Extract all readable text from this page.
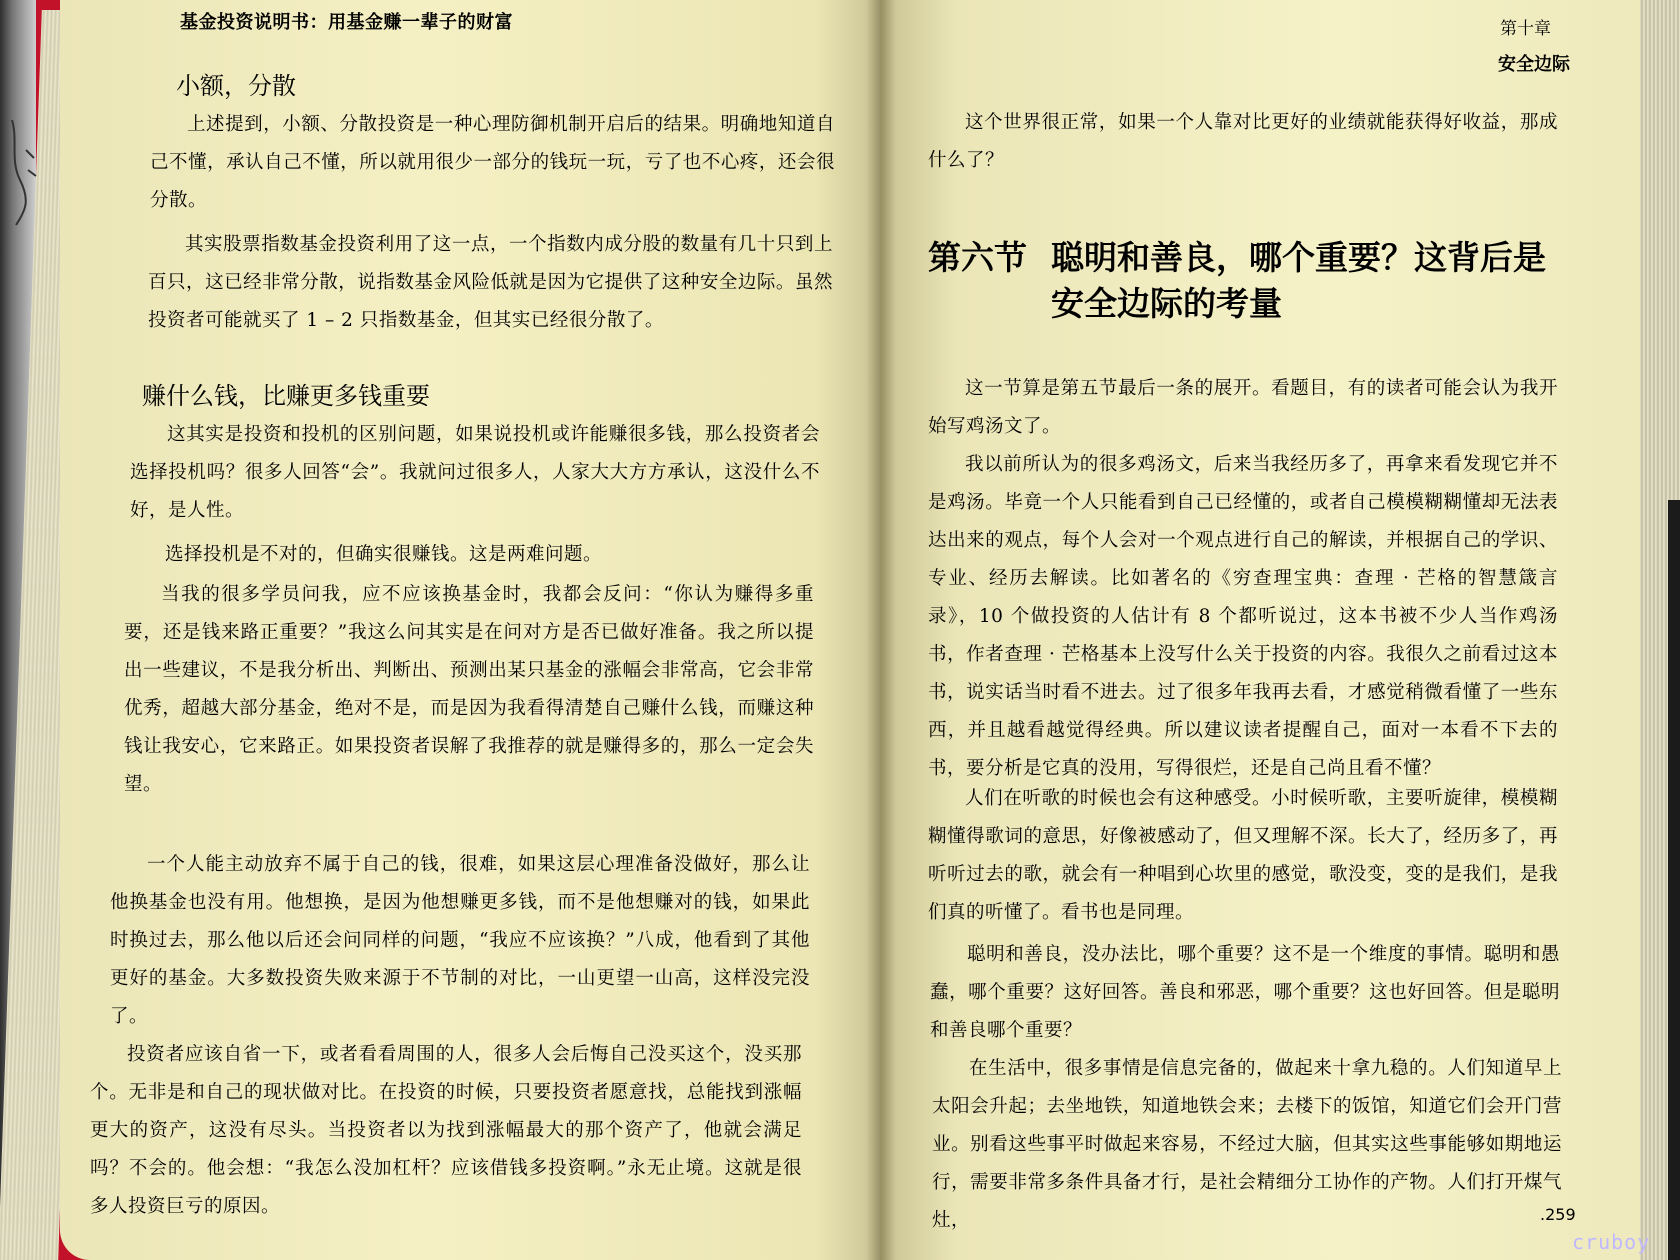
基金投资说明书：用基金赚一辈子的财富
小额，分散
上述提到，小额、分散投资是一种心理防御机制开启后的结果。明确地知道自己不懂，承认自己不懂，所以就用很少一部分的钱玩一玩，亏了也不心疼，还会很分散。
其实股票指数基金投资利用了这一点，一个指数内成分股的数量有几十只到上百只，这已经非常分散，说指数基金风险低就是因为它提供了这种安全边际。虽然投资者可能就买了 1 – 2 只指数基金，但其实已经很分散了。
赚什么钱，比赚更多钱重要
这其实是投资和投机的区别问题，如果说投机或许能赚很多钱，那么投资者会选择投机吗？很多人回答“会”。我就问过很多人，人家大大方方承认，这没什么不好，是人性。
选择投机是不对的，但确实很赚钱。这是两难问题。
当我的很多学员问我，应不应该换基金时，我都会反问：“你认为赚得多重要，还是钱来路正重要？”我这么问其实是在问对方是否已做好准备。我之所以提出一些建议，不是我分析出、判断出、预测出某只基金的涨幅会非常高，它会非常优秀，超越大部分基金，绝对不是，而是因为我看得清楚自己赚什么钱，而赚这种钱让我安心，它来路正。如果投资者误解了我推荐的就是赚得多的，那么一定会失望。
一个人能主动放弃不属于自己的钱，很难，如果这层心理准备没做好，那么让他换基金也没有用。他想换，是因为他想赚更多钱，而不是他想赚对的钱，如果此时换过去，那么他以后还会问同样的问题，“我应不应该换？”八成，他看到了其他更好的基金。大多数投资失败来源于不节制的对比，一山更望一山高，这样没完没了。
投资者应该自省一下，或者看看周围的人，很多人会后悔自己没买这个，没买那个。无非是和自己的现状做对比。在投资的时候，只要投资者愿意找，总能找到涨幅更大的资产，这没有尽头。当投资者以为找到涨幅最大的那个资产了，他就会满足吗？不会的。他会想：“我怎么没加杠杆？应该借钱多投资啊。”永无止境。这就是很多人投资巨亏的原因。
第十章
安全边际
这个世界很正常，如果一个人靠对比更好的业绩就能获得好收益，那成什么了？
第六节 聪明和善良，哪个重要？这背后是安全边际的考量
这一节算是第五节最后一条的展开。看题目，有的读者可能会认为我开始写鸡汤文了。
我以前所认为的很多鸡汤文，后来当我经历多了，再拿来看发现它并不是鸡汤。毕竟一个人只能看到自己已经懂的，或者自己模模糊糊懂却无法表达出来的观点，每个人会对一个观点进行自己的解读，并根据自己的学识、专业、经历去解读。比如著名的《穷查理宝典：查理 · 芒格的智慧箴言录》，10 个做投资的人估计有 8 个都听说过，这本书被不少人当作鸡汤书，作者查理 · 芒格基本上没写什么关于投资的内容。我很久之前看过这本书，说实话当时看不进去。过了很多年我再去看，才感觉稍微看懂了一些东西，并且越看越觉得经典。所以建议读者提醒自己，面对一本看不下去的书，要分析是它真的没用，写得很烂，还是自己尚且看不懂？
人们在听歌的时候也会有这种感受。小时候听歌，主要听旋律，模模糊糊懂得歌词的意思，好像被感动了，但又理解不深。长大了，经历多了，再听听过去的歌，就会有一种唱到心坎里的感觉，歌没变，变的是我们，是我们真的听懂了。看书也是同理。
聪明和善良，没办法比，哪个重要？这不是一个维度的事情。聪明和愚蠢，哪个重要？这好回答。善良和邪恶，哪个重要？这也好回答。但是聪明和善良哪个重要？
在生活中，很多事情是信息完备的，做起来十拿九稳的。人们知道早上太阳会升起；去坐地铁，知道地铁会来；去楼下的饭馆，知道它们会开门营业。别看这些事平时做起来容易，不经过大脑，但其实这些事能够如期地运行，需要非常多条件具备才行，是社会精细分工协作的产物。人们打开煤气灶，	.259
cruboy
